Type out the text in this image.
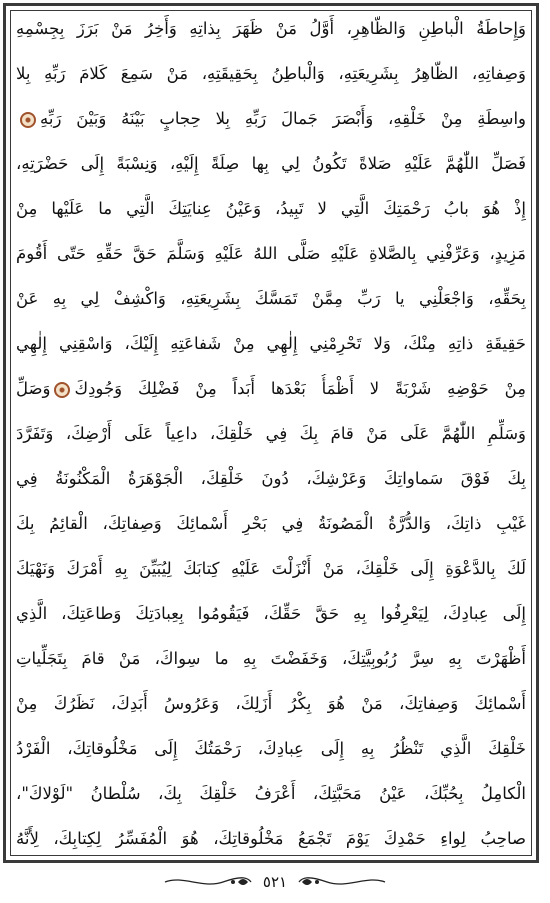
وَإِحاطَةُ الْباطِنِ وَالظّاهِرِ، أَوَّلُ مَنْ ظَهَرَ بِذاتِهِ وَأَخِرُ مَنْ بَرَزَ بِجِسْمِهِ
وَصِفاتِهِ، الظّاهِرُ بِشَرِيعَتِهِ، وَالْباطِنُ بِحَقِيقَتِهِ، مَنْ سَمِعَ كَلامَ رَبِّهِ بِلا
واسِطَةِ مِنْ خَلْقِهِ، وَأَبْصَرَ جَمالَ رَبِّهِ بِلا حِجابٍ بَيْنَهُ وَبَيْنَ رَبِّهِ
فَصَلِّ اللّٰهُمَّ عَلَيْهِ صَلاةً تَكُونُ لِي بِها صِلَةً إِلَيْهِ، وَنِسْبَةً إِلَى حَضْرَتِهِ،
إِذْ هُوَ بابُ رَحْمَتِكَ الَّتِي لا تَبِيدُ، وَعَيْنُ عِنايَتِكَ الَّتِي ما عَلَيْها مِنْ
مَزِيدٍ، وَعَرِّفْنِي بِالصَّلاةِ عَلَيْهِ صَلَّى اللهُ عَلَيْهِ وَسَلَّمَ حَقَّ حَقِّهِ حَتّى أَقُومَ
بِحَقِّهِ، وَاجْعَلْنِي يا رَبِّ مِمَّنْ تَمَسَّكَ بِشَرِيعَتِهِ، وَاكْشِفْ لِي بِهِ عَنْ
حَقِيقَةِ ذاتِهِ مِنْكَ، وَلا تَحْرِمْنِي إِلٰهِي مِنْ شَفاعَتِهِ إِلَيْكَ، وَاسْقِنِي إِلٰهِي
مِنْ حَوْضِهِ شَرْبَةً لا أَظْمَأُ بَعْدَها أَبَداً مِنْ فَضْلِكَ وَجُودِكَوَصَلِّ
وَسَلِّمِ اللّٰهُمَّ عَلَى مَنْ قامَ بِكَ فِي خَلْقِكَ، داعِياً عَلَى أَرْضِكَ، وَتَفَرَّدَ
بِكَ فَوْقَ سَماواتِكَ وَعَرْشِكَ، دُونَ خَلْقِكَ، الْجَوْهَرَةُ الْمَكْنُونَةُ فِي
غَيْبِ ذاتِكَ، وَالدُّرَّةُ الْمَصُونَةُ فِي بَحْرِ أَسْمائِكَ وَصِفاتِكَ، الْقائِمُ بِكَ
لَكَ بِالدَّعْوَةِ إِلَى خَلْقِكَ، مَنْ أَنْزَلْتَ عَلَيْهِ كِتابَكَ لِيُبَيِّنَ بِهِ أَمْرَكَ وَنَهْيَكَ
إِلَى عِبادِكَ، لِيَعْرِفُوا بِهِ حَقَّ حَقِّكَ، فَيَقُومُوا بِعِبادَتِكَ وَطاعَتِكَ، الَّذِي
أَظْهَرْتَ بِهِ سِرَّ رُبُوبِيَّتِكَ، وَخَفَضْتَ بِهِ ما سِواكَ، مَنْ قامَ بِتَجَلِّياتِ
أَسْمائِكَ وَصِفاتِكَ، مَنْ هُوَ بِكْرُ أَزَلِكَ، وَعَرُوسُ أَبَدِكَ، نَظَرُكَ مِنْ
خَلْقِكَ الَّذِي تَنْظُرُ بِهِ إِلَى عِبادِكَ، رَحْمَتُكَ إِلَى مَخْلُوقاتِكَ، الْفَرْدُ
الْكامِلُ بِحُبِّكَ، عَيْنُ مَحَبَّتِكَ، أَعْرَفُ خَلْقِكَ بِكَ، سُلْطانُ "لَوْلاكَ"،
صاحِبُ لِواءِ حَمْدِكَ يَوْمَ تَجْمَعُ مَخْلُوقاتِكَ، هُوَ الْمُفَسِّرُ لِكِتابِكَ، لِأَنَّهُ
٥٢١
